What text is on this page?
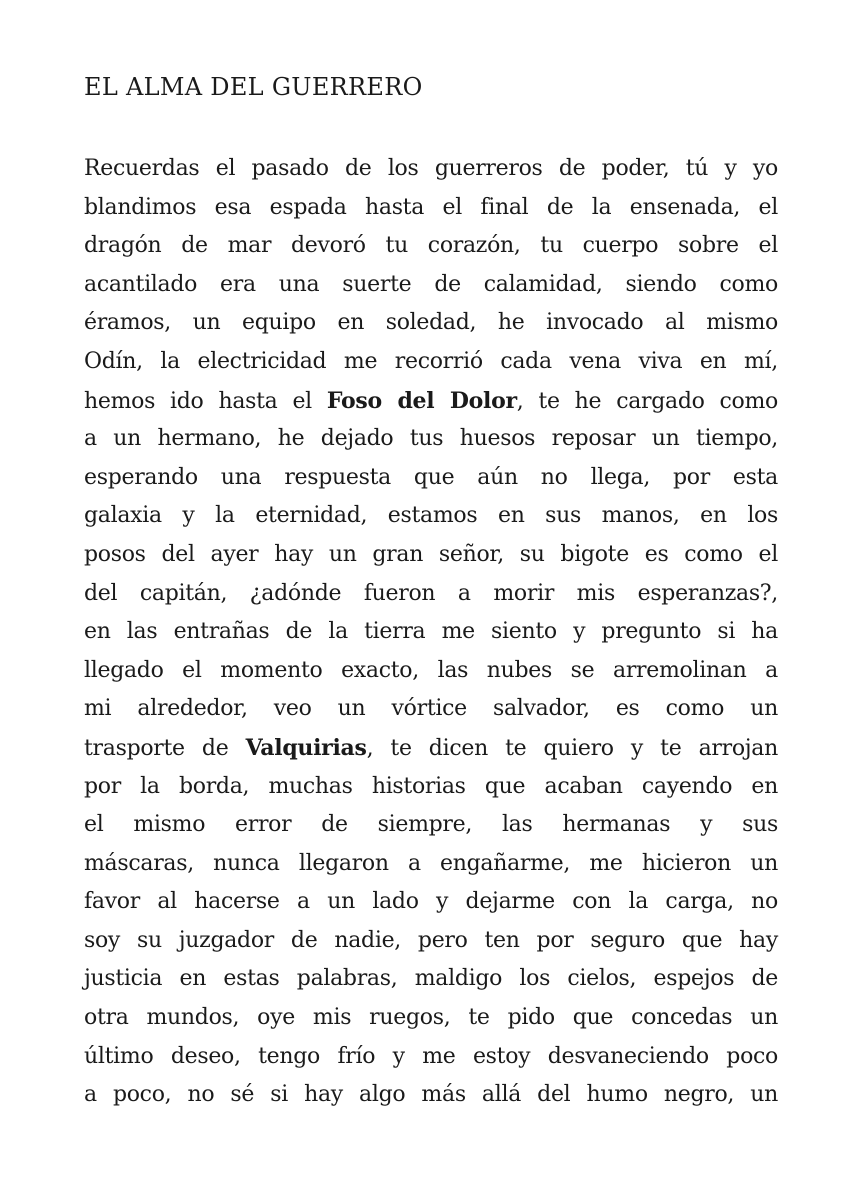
EL ALMA DEL GUERRERO
Recuerdas el pasado de los guerreros de poder, tú y yo
blandimos esa espada hasta el final de la ensenada, el
dragón de mar devoró tu corazón, tu cuerpo sobre el
acantilado era una suerte de calamidad, siendo como
éramos, un equipo en soledad, he invocado al mismo
Odín, la electricidad me recorrió cada vena viva en mí,
hemos ido hasta el Foso del Dolor, te he cargado como
a un hermano, he dejado tus huesos reposar un tiempo,
esperando una respuesta que aún no llega, por esta
galaxia y la eternidad, estamos en sus manos, en los
posos del ayer hay un gran señor, su bigote es como el
del capitán, ¿adónde fueron a morir mis esperanzas?,
en las entrañas de la tierra me siento y pregunto si ha
llegado el momento exacto, las nubes se arremolinan a
mi alrededor, veo un vórtice salvador, es como un
trasporte de Valquirias, te dicen te quiero y te arrojan
por la borda, muchas historias que acaban cayendo en
el mismo error de siempre, las hermanas y sus
máscaras, nunca llegaron a engañarme, me hicieron un
favor al hacerse a un lado y dejarme con la carga, no
soy su juzgador de nadie, pero ten por seguro que hay
justicia en estas palabras, maldigo los cielos, espejos de
otra mundos, oye mis ruegos, te pido que concedas un
último deseo, tengo frío y me estoy desvaneciendo poco
a poco, no sé si hay algo más allá del humo negro, un
